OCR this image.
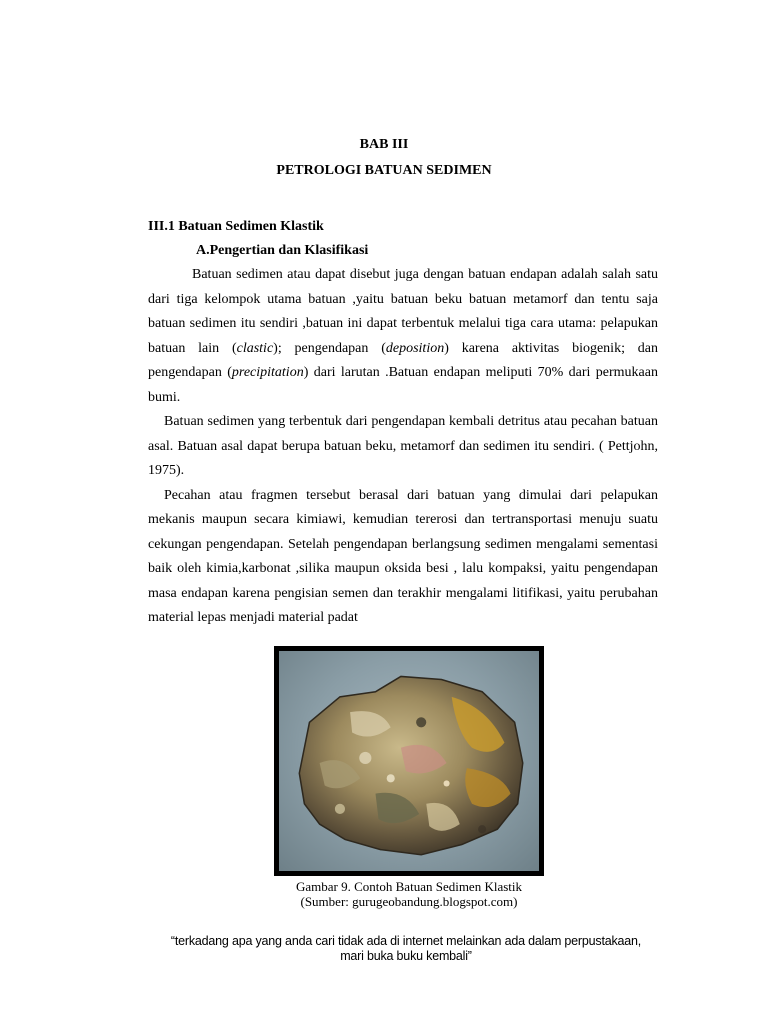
BAB III
PETROLOGI BATUAN SEDIMEN
III.1 Batuan Sedimen Klastik
A.Pengertian dan Klasifikasi

Batuan sedimen atau dapat disebut juga dengan batuan endapan adalah salah satu dari tiga kelompok utama batuan ,yaitu batuan beku batuan metamorf dan tentu saja batuan sedimen itu sendiri ,batuan ini dapat terbentuk melalui tiga cara utama: pelapukan batuan lain (clastic); pengendapan (deposition) karena aktivitas biogenik; dan pengendapan (precipitation) dari larutan .Batuan endapan meliputi 70% dari permukaan bumi.

Batuan sedimen yang terbentuk dari pengendapan kembali detritus atau pecahan batuan asal. Batuan asal dapat berupa batuan beku, metamorf dan sedimen itu sendiri. ( Pettjohn, 1975).

Pecahan atau fragmen tersebut berasal dari batuan yang dimulai dari pelapukan mekanis maupun secara kimiawi, kemudian tererosi dan tertransportasi menuju suatu cekungan pengendapan. Setelah pengendapan berlangsung sedimen mengalami sementasi baik oleh kimia,karbonat ,silika maupun oksida besi , lalu kompaksi, yaitu pengendapan masa endapan karena pengisian semen dan terakhir mengalami litifikasi, yaitu perubahan material lepas menjadi material padat

Gambar 9. Contoh Batuan Sedimen Klastik
(Sumber: gurugeobandung.blogspot.com)
“terkadang apa yang anda cari tidak ada di internet melainkan ada dalam perpustakaan,
mari buka buku kembali”
